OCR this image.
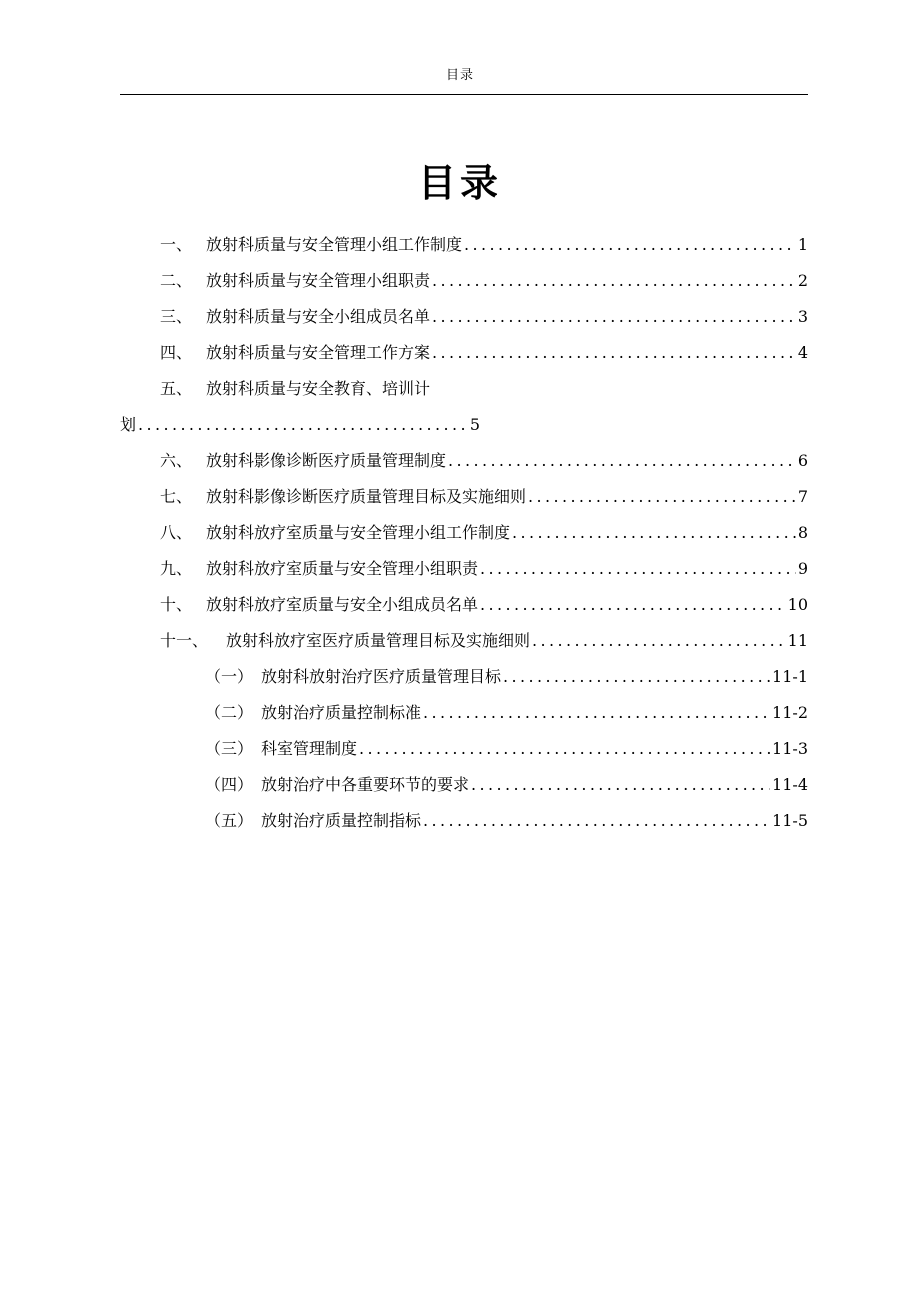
目录
目录
一、 放射科质量与安全管理小组工作制度 .....	1
二、 放射科质量与安全管理小组职责 .....	2
三、 放射科质量与安全小组成员名单 .....	3
四、 放射科质量与安全管理工作方案 .....	4
五、 放射科质量与安全教育、培训计
划 .....	5
六、 放射科影像诊断医疗质量管理制度 .....	6
七、 放射科影像诊断医疗质量管理目标及实施细则 .....	7
八、 放射科放疗室质量与安全管理小组工作制度 .....	8
九、 放射科放疗室质量与安全管理小组职责 .....	9
十、 放射科放疗室质量与安全小组成员名单 .....	10
十一、	放射科放疗室医疗质量管理目标及实施细则 .....	11
（一） 放射科放射治疗医疗质量管理目标 .....	11-1
（二） 放射治疗质量控制标准 .....	11-2
（三） 科室管理制度 .....	11-3
（四） 放射治疗中各重要环节的要求 .....	11-4
（五） 放射治疗质量控制指标 .....	11-5
